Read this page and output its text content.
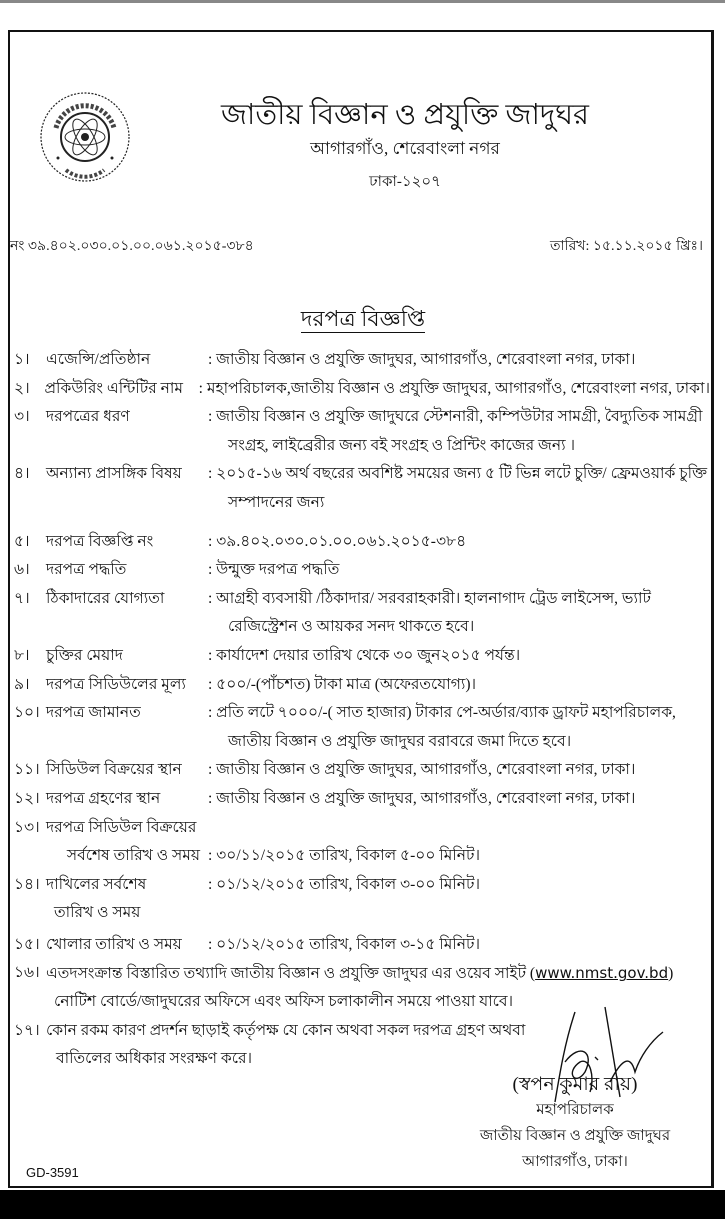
জাতীয় বিজ্ঞান ও প্রযুক্তি জাদুঘর
আগারগাঁও, শেরেবাংলা নগর
ঢাকা-১২০৭
নং ৩৯.৪০২.০৩০.০১.০০.০৬১.২০১৫-৩৮৪	তারিখ: ১৫.১১.২০১৫ খ্রিঃ।
দরপত্র বিজ্ঞপ্তি
১।	এজেন্সি/প্রতিষ্ঠান	: জাতীয় বিজ্ঞান ও প্রযুক্তি জাদুঘর, আগারগাঁও, শেরেবাংলা নগর, ঢাকা।
২। প্রকিউরিং এন্টিটির নাম	: মহাপরিচালক,জাতীয় বিজ্ঞান ও প্রযুক্তি জাদুঘর, আগারগাঁও, শেরেবাংলা নগর, ঢাকা।
৩।	দরপত্রের ধরণ	: জাতীয় বিজ্ঞান ও প্রযুক্তি জাদুঘরে স্টেশনারী, কম্পিউটার সামগ্রী, বৈদ্যুতিক সামগ্রী
সংগ্রহ, লাইব্রেরীর জন্য বই সংগ্রহ ও প্রিন্টিং কাজের জন্য ।
৪।	অন্যান্য প্রাসঙ্গিক বিষয়	: ২০১৫-১৬ অর্থ বছরের অবশিষ্ট সময়ের জন্য ৫ টি ভিন্ন লটে চুক্তি/ ফ্রেমওয়ার্ক চুক্তি
সম্পাদনের জন্য
৫।	দরপত্র বিজ্ঞপ্তি নং	: ৩৯.৪০২.০৩০.০১.০০.০৬১.২০১৫-৩৮৪
৬।	দরপত্র পদ্ধতি	: উন্মুক্ত দরপত্র পদ্ধতি
৭।	ঠিকাদারের যোগ্যতা	: আগ্রহী ব্যবসায়ী /ঠিকাদার/ সরবরাহকারী। হালনাগাদ ট্রেড লাইসেন্স, ভ্যাট
রেজিস্ট্রেশন ও আয়কর সনদ থাকতে হবে।
৮।	চুক্তির মেয়াদ	: কার্যাদেশ দেয়ার তারিখ থেকে ৩০ জুন২০১৫ পর্যন্ত।
৯।	দরপত্র সিডিউলের মূল্য	: ৫০০/-(পাঁচশত) টাকা মাত্র (অফেরতযোগ্য)।
১০। দরপত্র জামানত	: প্রতি লটে ৭০০০/-( সাত হাজার) টাকার পে-অর্ডার/ব্যাক ড্রাফট মহাপরিচালক,
জাতীয় বিজ্ঞান ও প্রযুক্তি জাদুঘর বরাবরে জমা দিতে হবে।
১১। সিডিউল বিক্রয়ের স্থান	: জাতীয় বিজ্ঞান ও প্রযুক্তি জাদুঘর, আগারগাঁও, শেরেবাংলা নগর, ঢাকা।
১২। দরপত্র গ্রহণের স্থান	: জাতীয় বিজ্ঞান ও প্রযুক্তি জাদুঘর, আগারগাঁও, শেরেবাংলা নগর, ঢাকা।
১৩। দরপত্র সিডিউল বিক্রয়ের
সর্বশেষ তারিখ ও সময় : ৩০/১১/২০১৫ তারিখ, বিকাল ৫-০০ মিনিট।
১৪। দাখিলের সর্বশেষ	: ০১/১২/২০১৫ তারিখ, বিকাল ৩-০০ মিনিট।
তারিখ ও সময়
১৫। খোলার তারিখ ও সময়	: ০১/১২/২০১৫ তারিখ, বিকাল ৩-১৫ মিনিট।
১৬। এতদসংক্রান্ত বিস্তারিত তথ্যাদি জাতীয় বিজ্ঞান ও প্রযুক্তি জাদুঘর এর ওয়েব সাইট (www.nmst.gov.bd)
নোটিশ বোর্ডে/জাদুঘরের অফিসে এবং অফিস চলাকালীন সময়ে পাওয়া যাবে।
১৭। কোন রকম কারণ প্রদর্শন ছাড়াই কর্তৃপক্ষ যে কোন অথবা সকল দরপত্র গ্রহণ অথবা
বাতিলের অধিকার সংরক্ষণ করে।
(স্বপন কুমার রায়)
মহাপরিচালক
জাতীয় বিজ্ঞান ও প্রযুক্তি জাদুঘর
আগারগাঁও, ঢাকা।
GD-3591
